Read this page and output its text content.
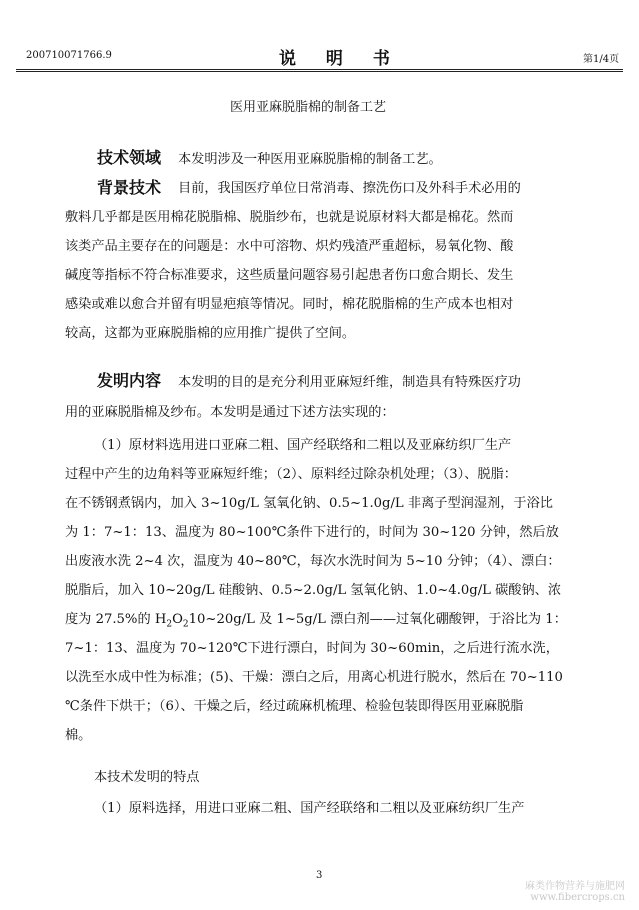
200710071766.9	说 明 书	第1/4页
医用亚麻脱脂棉的制备工艺
技术领域 本发明涉及一种医用亚麻脱脂棉的制备工艺。
背景技术 目前，我国医疗单位日常消毒、擦洗伤口及外科手术必用的
敷料几乎都是医用棉花脱脂棉、脱脂纱布，也就是说原材料大都是棉花。然而
该类产品主要存在的问题是：水中可溶物、炽灼残渣严重超标，易氧化物、酸
碱度等指标不符合标准要求，这些质量问题容易引起患者伤口愈合期长、发生
感染或难以愈合并留有明显疤痕等情况。同时，棉花脱脂棉的生产成本也相对
较高，这都为亚麻脱脂棉的应用推广提供了空间。
发明内容 本发明的目的是充分利用亚麻短纤维，制造具有特殊医疗功
用的亚麻脱脂棉及纱布。本发明是通过下述方法实现的：
（1）原材料选用进口亚麻二粗、国产经联络和二粗以及亚麻纺织厂生产
过程中产生的边角料等亚麻短纤维；（2）、原料经过除杂机处理；（3）、脱脂：
在不锈钢煮锅内，加入 3~10g/L 氢氧化钠、0.5~1.0g/L 非离子型润湿剂，于浴比
为 1：7~1：13、温度为 80~100℃条件下进行的，时间为 30~120 分钟，然后放
出废液水洗 2~4 次，温度为 40~80℃，每次水洗时间为 5~10 分钟；（4）、漂白：
脱脂后，加入 10~20g/L 硅酸钠、0.5~2.0g/L 氢氧化钠、1.0~4.0g/L 碳酸钠、浓
度为 27.5%的 $H_2O_210\sim 20g/L$ 及 1~5g/L 漂白剂——过氧化硼酸钾，于浴比为 1：
7~1：13、温度为 70~120℃下进行漂白，时间为 30~60min，之后进行流水洗，
以洗至水成中性为标准；(5)、干燥：漂白之后，用离心机进行脱水，然后在 70~110
℃条件下烘干；（6）、干燥之后，经过疏麻机梳理、检验包装即得医用亚麻脱脂
棉。
本技术发明的特点
（1）原料选择，用进口亚麻二粗、国产经联络和二粗以及亚麻纺织厂生产
3
麻类作物营养与施肥网
www.fibercrops.cn
